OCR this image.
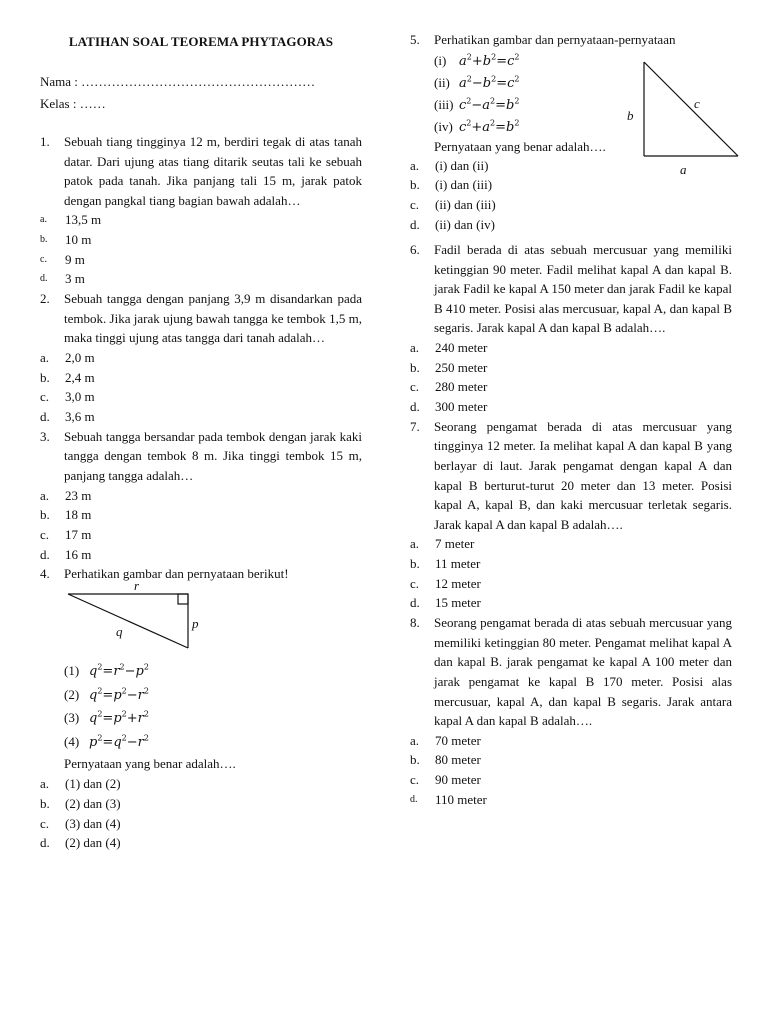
LATIHAN SOAL TEOREMA PHYTAGORAS
Nama : ………………………………………………
Kelas : ……
1. Sebuah tiang tingginya 12 m, berdiri tegak di atas tanah datar. Dari ujung atas tiang ditarik seutas tali ke sebuah patok pada tanah. Jika panjang tali 15 m, jarak patok dengan pangkal tiang bagian bawah adalah…
a.	13,5 m
b.	10 m
c.	9 m
d.	3 m
2. Sebuah tangga dengan panjang 3,9 m disandarkan pada tembok. Jika jarak ujung bawah tangga ke tembok 1,5 m, maka tinggi ujung atas tangga dari tanah adalah…
a.	2,0 m
b.	2,4 m
c.	3,0 m
d.	3,6 m
3. Sebuah tangga bersandar pada tembok dengan jarak kaki tangga dengan tembok 8 m. Jika tinggi tembok 15 m, panjang tangga adalah…
a.	23 m
b.	18 m
c.	17 m
d.	16 m
4. Perhatikan gambar dan pernyataan berikut!
r
q
p
(1) $q^2=r^2-p^2$
(2) $q^2=p^2-r^2$
(3) $q^2=p^2+r^2$
(4) $p^2=q^2-r^2$
Pernyataan yang benar adalah….
a.	(1) dan (2)
b.	(2) dan (3)
c.	(3) dan (4)
d.	(2) dan (4)
5. Perhatikan gambar dan pernyataan-pernyataan
(i) $a^2+b^2=c^2$
(ii) $a^2-b^2=c^2$
(iii) $c^2-a^2=b^2$
(iv) $c^2+a^2=b^2$
Pernyataan yang benar adalah….
a.	(i) dan (ii)
b.	(i) dan (iii)
c.	(ii) dan (iii)
d.	(ii) dan (iv)
b
c
a
6. Fadil berada di atas sebuah mercusuar yang memiliki ketinggian 90 meter. Fadil melihat kapal A dan kapal B. jarak Fadil ke kapal A 150 meter dan jarak Fadil ke kapal B 410 meter. Posisi alas mercusuar, kapal A, dan kapal B segaris. Jarak kapal A dan kapal B adalah….
a.	240 meter
b.	250 meter
c.	280 meter
d.	300 meter
7. Seorang pengamat berada di atas mercusuar yang tingginya 12 meter. Ia melihat kapal A dan kapal B yang berlayar di laut. Jarak pengamat dengan kapal A dan kapal B berturut-turut 20 meter dan 13 meter. Posisi kapal A, kapal B, dan kaki mercusuar terletak segaris. Jarak kapal A dan kapal B adalah….
a.	7 meter
b.	11 meter
c.	12 meter
d.	15 meter
8. Seorang pengamat berada di atas sebuah mercusuar yang memiliki ketinggian 80 meter. Pengamat melihat kapal A dan kapal B. jarak pengamat ke kapal A 100 meter dan jarak pengamat ke kapal B 170 meter. Posisi alas mercusuar, kapal A, dan kapal B segaris. Jarak antara kapal A dan kapal B adalah….
a.	70 meter
b.	80 meter
c.	90 meter
d.	110 meter
